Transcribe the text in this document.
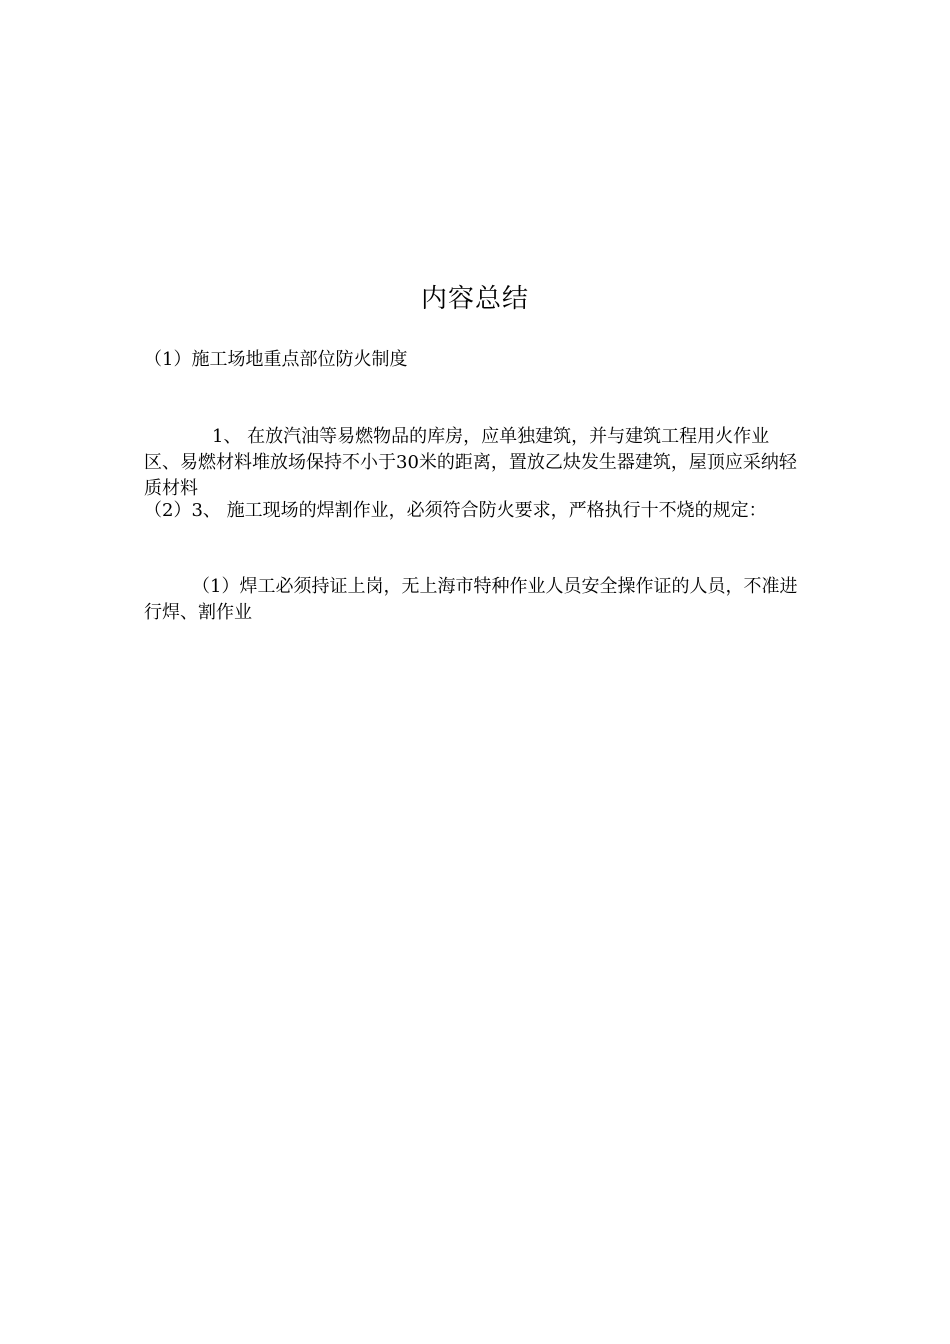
内容总结

（1）施工场地重点部位防火制度

1、 在放汽油等易燃物品的库房，应单独建筑，并与建筑工程用火作业区、易燃材料堆放场保持不小于30米的距离，置放乙炔发生器建筑，屋顶应采纳轻质材料

（2）3、 施工现场的焊割作业，必须符合防火要求，严格执行十不烧的规定：

（1）焊工必须持证上岗，无上海市特种作业人员安全操作证的人员，不准进行焊、割作业
